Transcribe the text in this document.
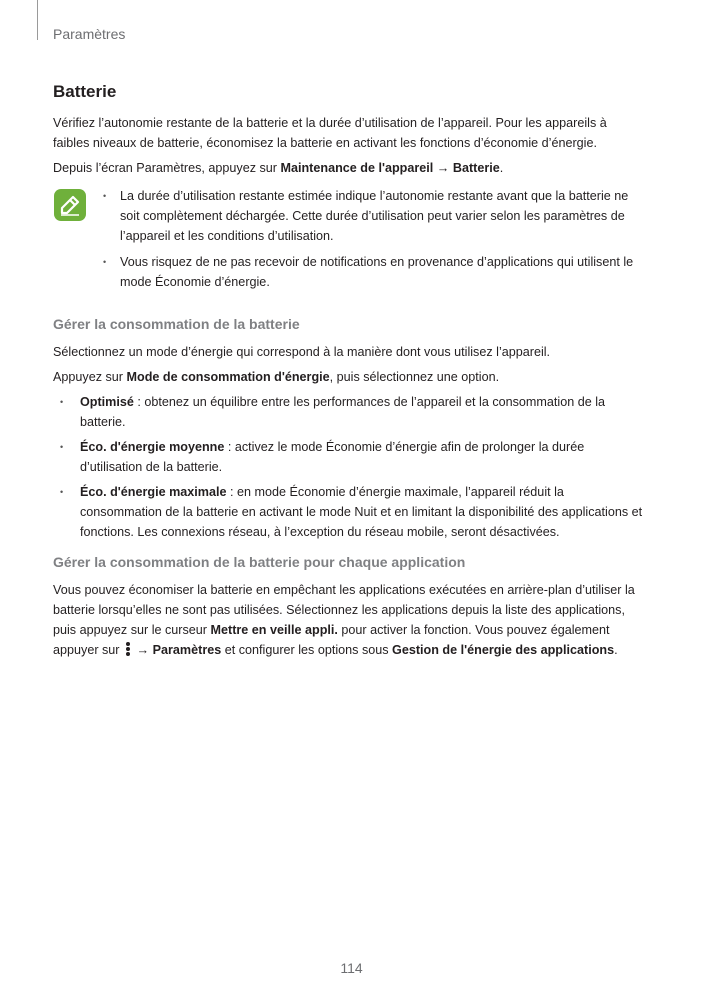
Paramètres
Batterie

Vérifiez l’autonomie restante de la batterie et la durée d’utilisation de l’appareil. Pour les appareils à faibles niveaux de batterie, économisez la batterie en activant les fonctions d’économie d’énergie.

Depuis l’écran Paramètres, appuyez sur Maintenance de l'appareil → Batterie.

• La durée d’utilisation restante estimée indique l’autonomie restante avant que la batterie ne soit complètement déchargée. Cette durée d’utilisation peut varier selon les paramètres de l’appareil et les conditions d’utilisation.
• Vous risquez de ne pas recevoir de notifications en provenance d’applications qui utilisent le mode Économie d’énergie.
Gérer la consommation de la batterie

Sélectionnez un mode d’énergie qui correspond à la manière dont vous utilisez l’appareil.

Appuyez sur Mode de consommation d'énergie, puis sélectionnez une option.

• Optimisé : obtenez un équilibre entre les performances de l’appareil et la consommation de la batterie.
• Éco. d'énergie moyenne : activez le mode Économie d’énergie afin de prolonger la durée d’utilisation de la batterie.
• Éco. d'énergie maximale : en mode Économie d’énergie maximale, l’appareil réduit la consommation de la batterie en activant le mode Nuit et en limitant la disponibilité des applications et fonctions. Les connexions réseau, à l’exception du réseau mobile, seront désactivées.
Gérer la consommation de la batterie pour chaque application

Vous pouvez économiser la batterie en empêchant les applications exécutées en arrière-plan d’utiliser la batterie lorsqu’elles ne sont pas utilisées. Sélectionnez les applications depuis la liste des applications, puis appuyez sur le curseur Mettre en veille appli. pour activer la fonction. Vous pouvez également appuyer sur
→ Paramètres et configurer les options sous Gestion de l'énergie des applications.

114
